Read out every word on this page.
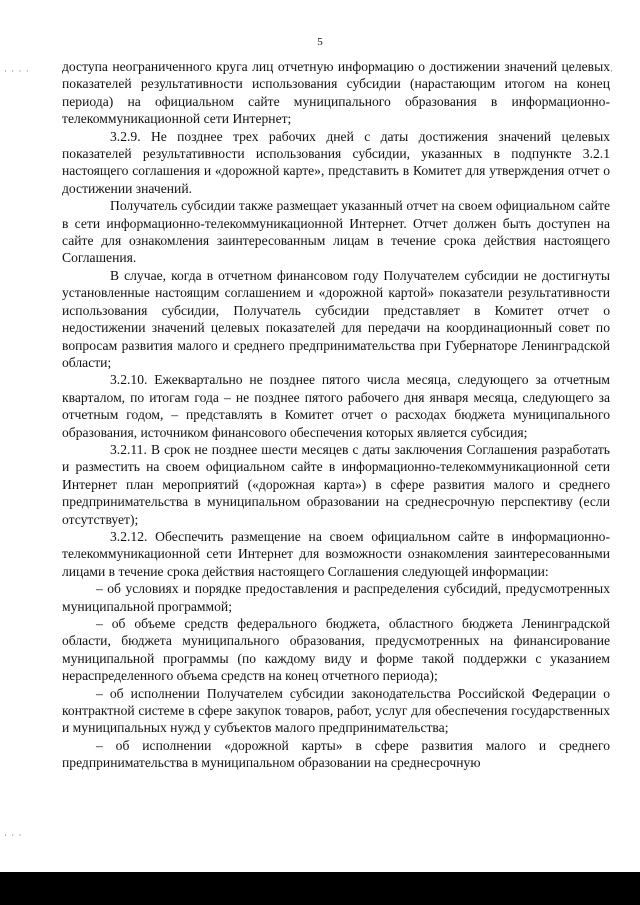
5
· · · ·	·
· · ·

доступа неограниченного круга лиц отчетную информацию о достижении значений целевых показателей результативности использования субсидии (нарастающим итогом на конец периода) на официальном сайте муниципального образования в информационно-телекоммуникационной сети Интернет;

3.2.9. Не позднее трех рабочих дней с даты достижения значений целевых показателей результативности использования субсидии, указанных в подпункте 3.2.1 настоящего соглашения и «дорожной карте», представить в Комитет для утверждения отчет о достижении значений.

Получатель субсидии также размещает указанный отчет на своем официальном сайте в сети информационно-телекоммуникационной Интернет. Отчет должен быть доступен на сайте для ознакомления заинтересованным лицам в течение срока действия настоящего Соглашения.

В случае, когда в отчетном финансовом году Получателем субсидии не достигнуты установленные настоящим соглашением и «дорожной картой» показатели результативности использования субсидии, Получатель субсидии представляет в Комитет отчет о недостижении значений целевых показателей для передачи на координационный совет по вопросам развития малого и среднего предпринимательства при Губернаторе Ленинградской области;

3.2.10. Ежеквартально не позднее пятого числа месяца, следующего за отчетным кварталом, по итогам года – не позднее пятого рабочего дня января месяца, следующего за отчетным годом, – представлять в Комитет отчет о расходах бюджета муниципального образования, источником финансового обеспечения которых является субсидия;

3.2.11. В срок не позднее шести месяцев с даты заключения Соглашения разработать и разместить на своем официальном сайте в информационно-телекоммуникационной сети Интернет план мероприятий («дорожная карта») в сфере развития малого и среднего предпринимательства в муниципальном образовании на среднесрочную перспективу (если отсутствует);

3.2.12. Обеспечить размещение на своем официальном сайте в информационно-телекоммуникационной сети Интернет для возможности ознакомления заинтересованными лицами в течение срока действия настоящего Соглашения следующей информации:

– об условиях и порядке предоставления и распределения субсидий, предусмотренных муниципальной программой;

– об объеме средств федерального бюджета, областного бюджета Ленинградской области, бюджета муниципального образования, предусмотренных на финансирование муниципальной программы (по каждому виду и форме такой поддержки с указанием нераспределенного объема средств на конец отчетного периода);

– об исполнении Получателем субсидии законодательства Российской Федерации о контрактной системе в сфере закупок товаров, работ, услуг для обеспечения государственных и муниципальных нужд у субъектов малого предпринимательства;

– об исполнении «дорожной карты» в сфере развития малого и среднего предпринимательства в муниципальном образовании на среднесрочную
